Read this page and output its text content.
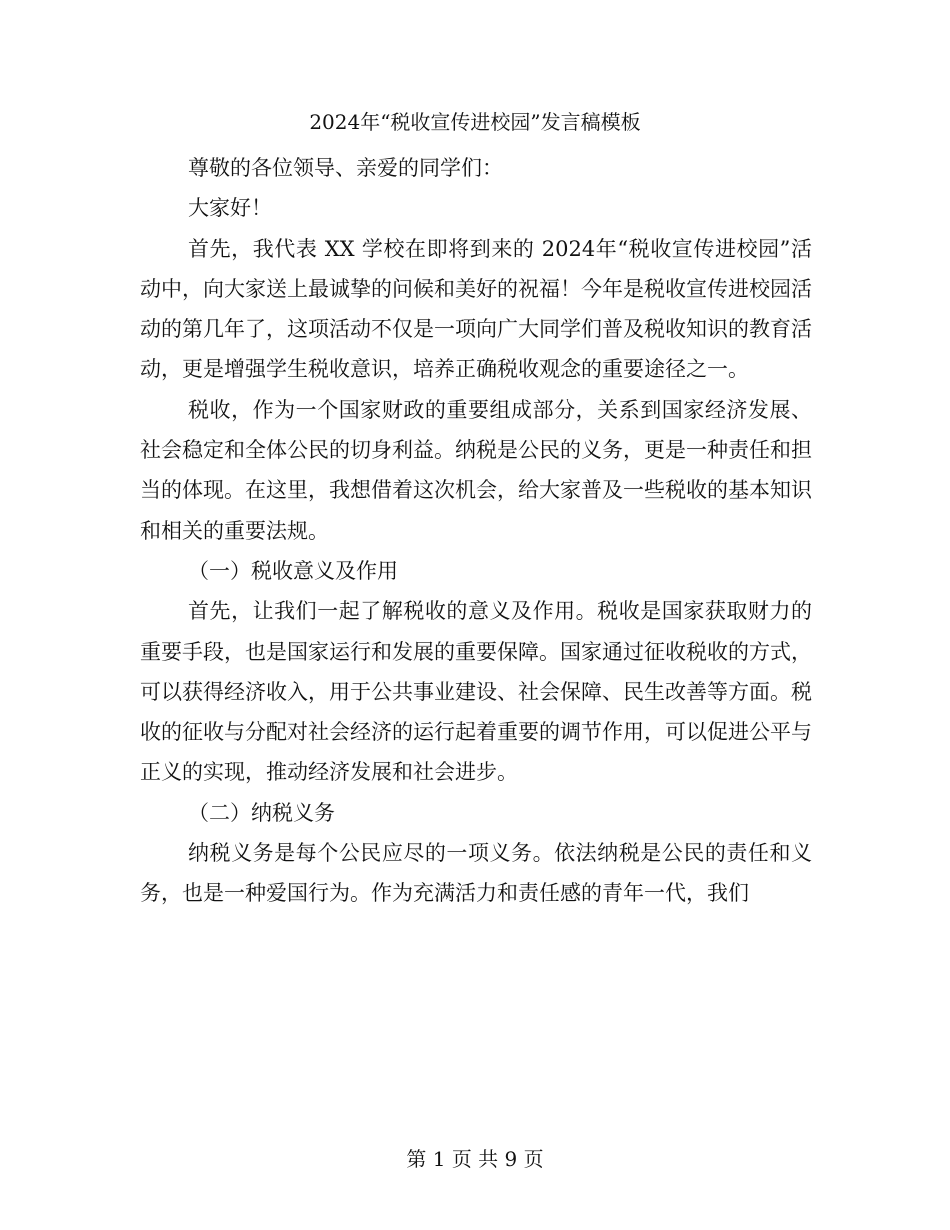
2024年“税收宣传进校园”发言稿模板

尊敬的各位领导、亲爱的同学们：

大家好！

首先，我代表 XX 学校在即将到来的 2024年“税收宣传进校园”活动中，向大家送上最诚挚的问候和美好的祝福！今年是税收宣传进校园活动的第几年了，这项活动不仅是一项向广大同学们普及税收知识的教育活动，更是增强学生税收意识，培养正确税收观念的重要途径之一。

税收，作为一个国家财政的重要组成部分，关系到国家经济发展、社会稳定和全体公民的切身利益。纳税是公民的义务，更是一种责任和担当的体现。在这里，我想借着这次机会，给大家普及一些税收的基本知识和相关的重要法规。

（一）税收意义及作用

首先，让我们一起了解税收的意义及作用。税收是国家获取财力的重要手段，也是国家运行和发展的重要保障。国家通过征收税收的方式，可以获得经济收入，用于公共事业建设、社会保障、民生改善等方面。税收的征收与分配对社会经济的运行起着重要的调节作用，可以促进公平与正义的实现，推动经济发展和社会进步。

（二）纳税义务

纳税义务是每个公民应尽的一项义务。依法纳税是公民的责任和义务，也是一种爱国行为。作为充满活力和责任感的青年一代，我们

第 1 页 共 9 页
